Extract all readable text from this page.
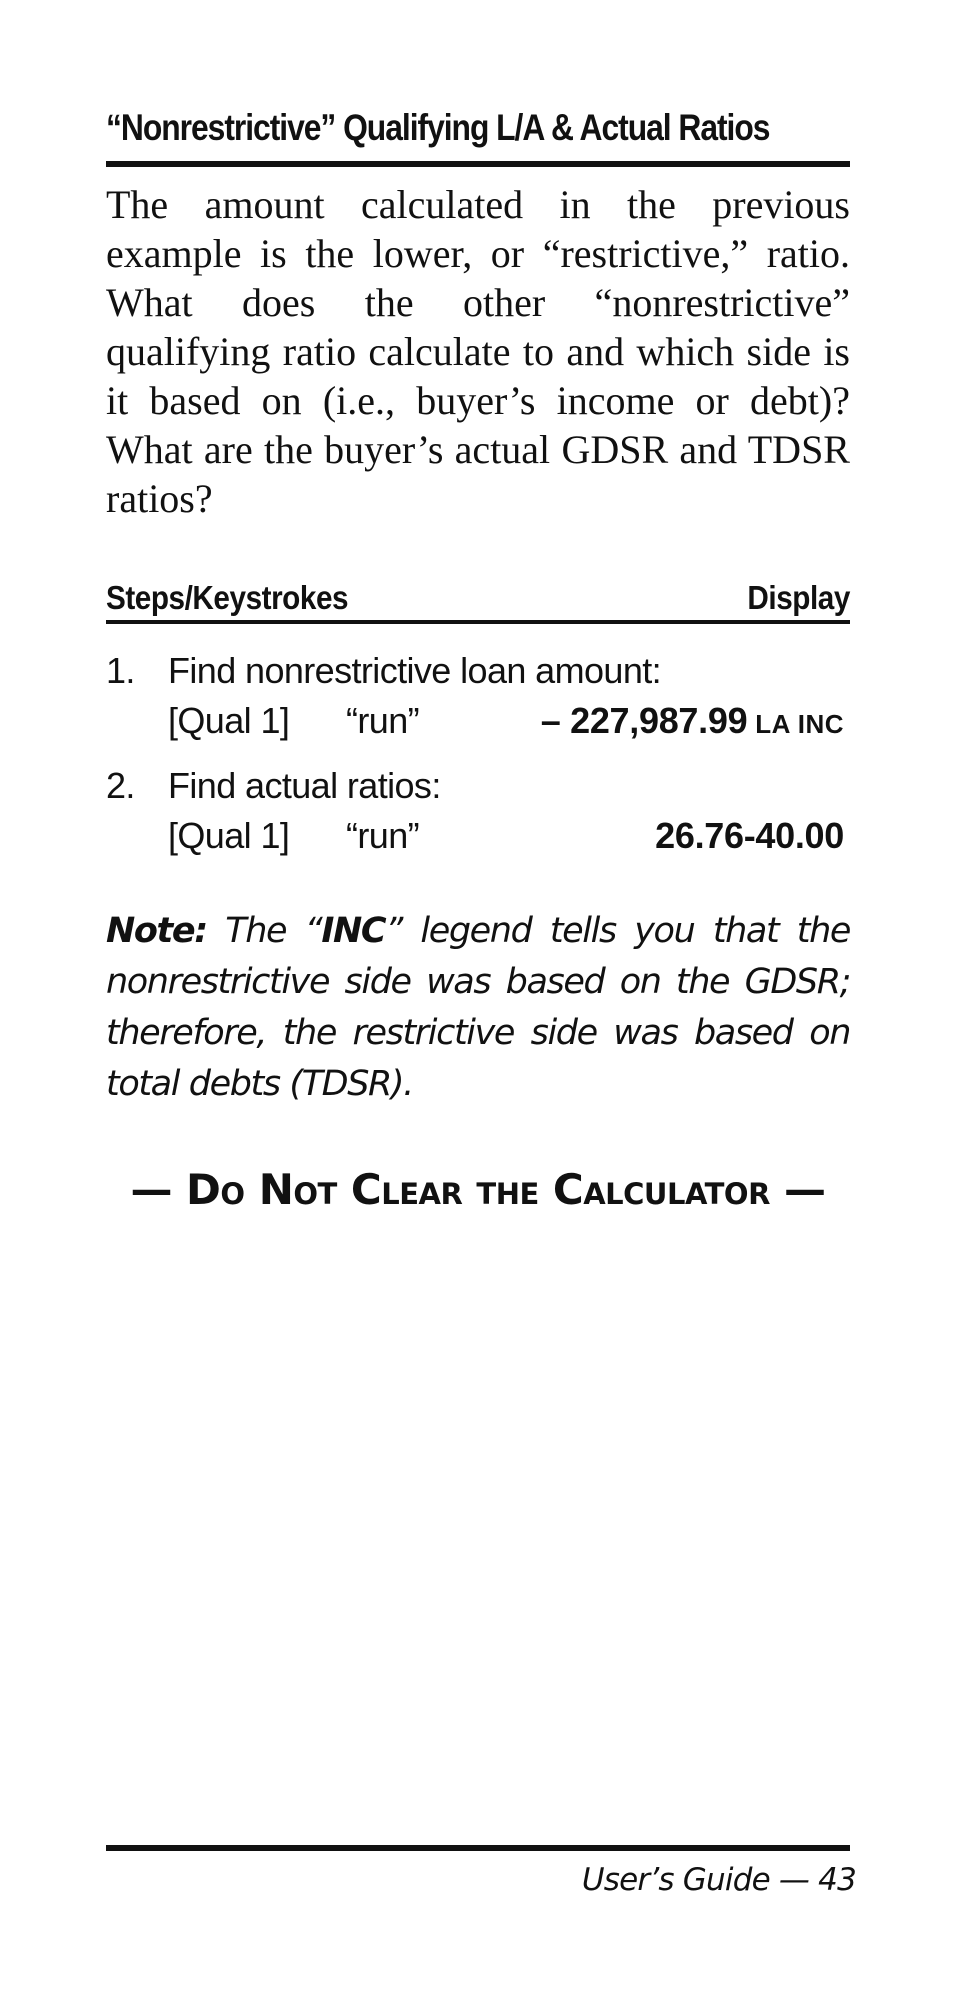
“Nonrestrictive” Qualifying L/A & Actual Ratios

The amount calculated in the previous example is the lower, or “restrictive,” ratio. What does the other “nonrestrictive” qualifying ratio calculate to and which side is it based on (i.e., buyer’s income or debt)? What are the buyer’s actual GDSR and TDSR ratios?

Steps/Keystrokes	Display
1. Find nonrestrictive loan amount:
[Qual 1] “run”	– 227,987.99 LA INC
2. Find actual ratios:
[Qual 1] “run”	26.76-40.00

Note: The “INC” legend tells you that the nonrestrictive side was based on the GDSR; therefore, the restrictive side was based on total debts (TDSR).

— Do Not Clear the Calculator —
User’s Guide — 43
